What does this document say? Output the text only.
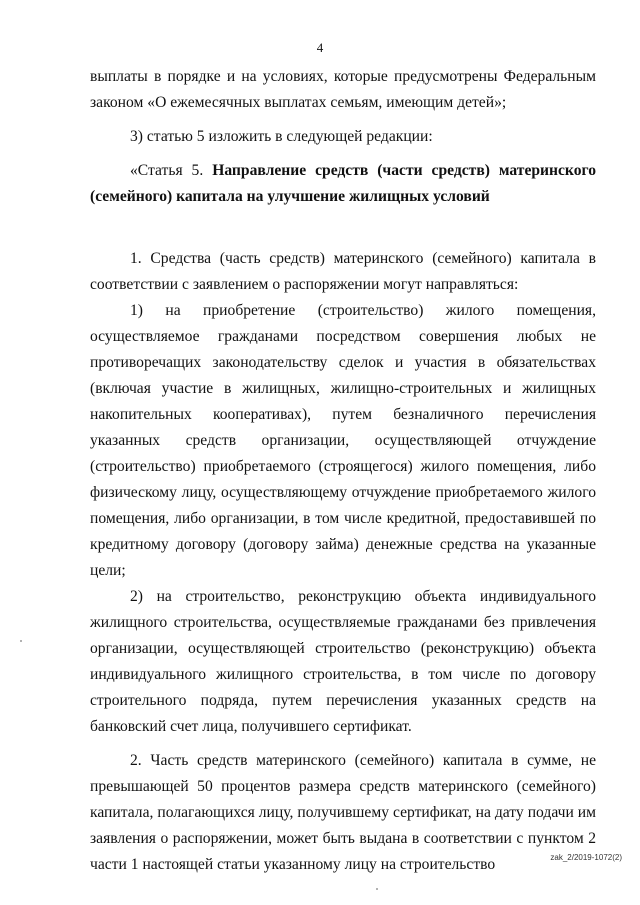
4

выплаты в порядке и на условиях, которые предусмотрены Федеральным законом «О ежемесячных выплатах семьям, имеющим детей»;

3) статью 5 изложить в следующей редакции:

«Статья 5. Направление средств (части средств) материнского (семейного) капитала на улучшение жилищных условий

1. Средства (часть средств) материнского (семейного) капитала в соответствии с заявлением о распоряжении могут направляться:

1) на приобретение (строительство) жилого помещения, осуществляемое гражданами посредством совершения любых не противоречащих законодательству сделок и участия в обязательствах (включая участие в жилищных, жилищно-строительных и жилищных накопительных кооперативах), путем безналичного перечисления указанных средств организации, осуществляющей отчуждение (строительство) приобретаемого (строящегося) жилого помещения, либо физическому лицу, осуществляющему отчуждение приобретаемого жилого помещения, либо организации, в том числе кредитной, предоставившей по кредитному договору (договору займа) денежные средства на указанные цели;

2) на строительство, реконструкцию объекта индивидуального жилищного строительства, осуществляемые гражданами без привлечения организации, осуществляющей строительство (реконструкцию) объекта индивидуального жилищного строительства, в том числе по договору строительного подряда, путем перечисления указанных средств на банковский счет лица, получившего сертификат.

2. Часть средств материнского (семейного) капитала в сумме, не превышающей 50 процентов размера средств материнского (семейного) капитала, полагающихся лицу, получившему сертификат, на дату подачи им заявления о распоряжении, может быть выдана в соответствии с пунктом 2 части 1 настоящей статьи указанному лицу на строительство	zak_2/2019-1072(2)
